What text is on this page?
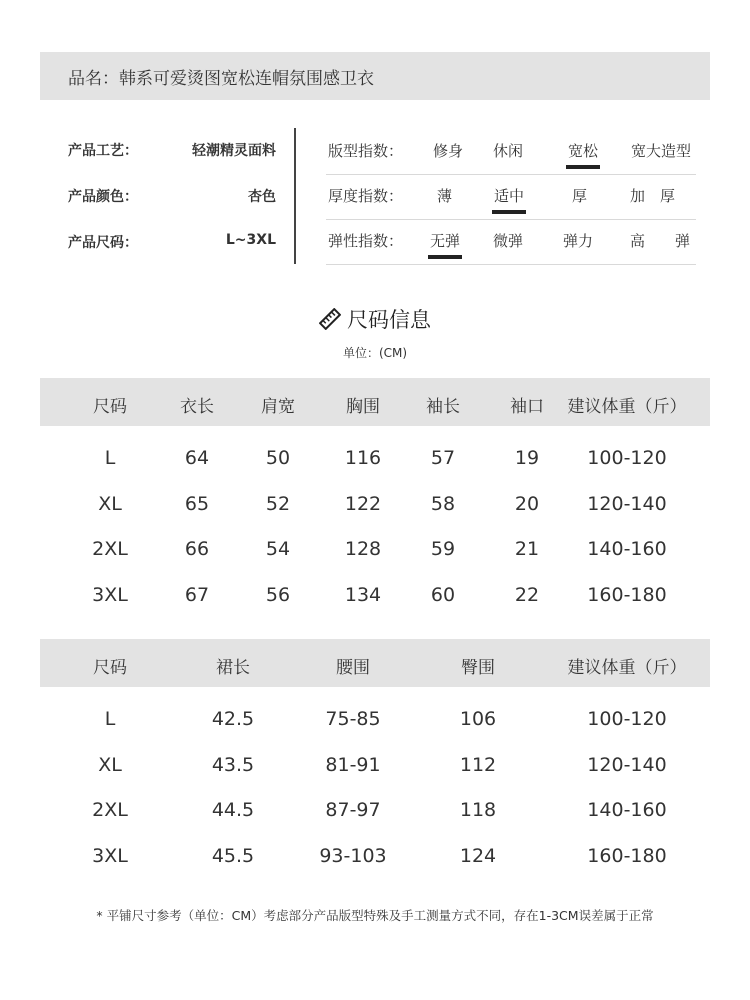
品名：韩系可爱烫图宽松连帽氛围感卫衣
产品工艺：	轻潮精灵面料
产品颜色：	杏色
产品尺码：	L~3XL
版型指数： 修身 休闲	宽松 宽大造型
厚度指数： 薄	适中	厚	加　厚
弹性指数： 无弹 微弹	弹力 高　　弹
尺码信息
单位：(CM)
尺码	衣长	肩宽	胸围	袖长	袖口 建议体重（斤）
L	64	50	116	57	19	100-120
XL	65	52	122	58	20	120-140
2XL	66	54	128	59	21	140-160
3XL	67	56	134	60	22	160-180
尺码	裙长	腰围	臀围	建议体重（斤）
L	42.5	75-85	106	100-120
XL	43.5	81-91	112	120-140
2XL	44.5	87-97	118	140-160
3XL	45.5	93-103	124	160-180
* 平铺尺寸参考（单位：CM）考虑部分产品版型特殊及手工测量方式不同，存在1-3CM误差属于正常
